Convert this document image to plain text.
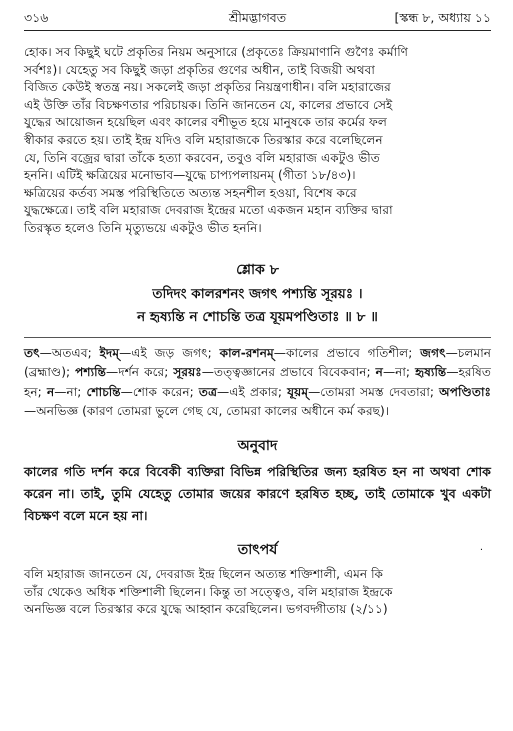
৩১৬	শ্রীমদ্ভাগবত	[স্কন্ধ ৮, অধ্যায় ১১

হোক। সব কিছুই ঘটে প্রকৃতির নিয়ম অনুসারে (প্রকৃতেঃ ক্রিয়মাণানি গুণৈঃ কর্মাণি

সর্বশঃ)। যেহেতু সব কিছুই জড়া প্রকৃতির গুণের অধীন, তাই বিজয়ী অথবা

বিজিত কেউই স্বতন্ত্র নয়। সকলেই জড়া প্রকৃতির নিয়ন্ত্রণাধীন। বলি মহারাজের

এই উক্তি তাঁর বিচক্ষণতার পরিচায়ক। তিনি জানতেন যে, কালের প্রভাবে সেই

যুদ্ধের আয়োজন হয়েছিল এবং কালের বশীভূত হয়ে মানুষকে তার কর্মের ফল

স্বীকার করতে হয়। তাই ইন্দ্র যদিও বলি মহারাজকে তিরস্কার করে বলেছিলেন

যে, তিনি বজ্রের দ্বারা তাঁকে হত্যা করবেন, তবুও বলি মহারাজ একটুও ভীত

হননি। এটিই ক্ষত্রিয়ের মনোভাব—যুদ্ধে চাপ্যপলায়নম্ (গীতা ১৮/৪৩)।

ক্ষত্রিয়ের কর্তব্য সমস্ত পরিস্থিতিতে অত্যন্ত সহনশীল হওয়া, বিশেষ করে

যুদ্ধক্ষেত্রে। তাই বলি মহারাজ দেবরাজ ইন্দ্রের মতো একজন মহান ব্যক্তির দ্বারা

তিরস্কৃত হলেও তিনি মৃত্যুভয়ে একটুও ভীত হননি।

শ্লোক ৮
তদিদং কালরশনং জগৎ পশ্যন্তি সূরয়ঃ ।
ন হৃষ্যন্তি ন শোচন্তি তত্র যূয়মপণ্ডিতাঃ ॥ ৮ ॥

তৎ—অতএব; ইদম্—এই জড় জগৎ; কাল-রশনম্—কালের প্রভাবে গতিশীল; জগৎ—চলমান (ব্রহ্মাণ্ড); পশ্যন্তি—দর্শন করে; সূরয়ঃ—তত্ত্বজ্ঞানের প্রভাবে বিবেকবান; ন—না; হৃষ্যন্তি—হরষিত হন; ন—না; শোচন্তি—শোক করেন; তত্র—এই প্রকার; যূয়ম্—তোমরা সমস্ত দেবতারা; অপণ্ডিতাঃ—অনভিজ্ঞ (কারণ তোমরা ভুলে গেছ যে, তোমরা কালের অধীনে কর্ম করছ)।

অনুবাদ

কালের গতি দর্শন করে বিবেকী ব্যক্তিরা বিভিন্ন পরিস্থিতির জন্য হরষিত হন না অথবা শোক করেন না। তাই, তুমি যেহেতু তোমার জয়ের কারণে হরষিত হচ্ছ, তাই তোমাকে খুব একটা বিচক্ষণ বলে মনে হয় না।

তাৎপর্য	.

বলি মহারাজ জানতেন যে, দেবরাজ ইন্দ্র ছিলেন অত্যন্ত শক্তিশালী, এমন কি

তাঁর থেকেও অধিক শক্তিশালী ছিলেন। কিন্তু তা সত্ত্বেও, বলি মহারাজ ইন্দ্রকে

অনভিজ্ঞ বলে তিরস্কার করে যুদ্ধে আহ্বান করেছিলেন। ভগবদ্গীতায় (২/১১)
